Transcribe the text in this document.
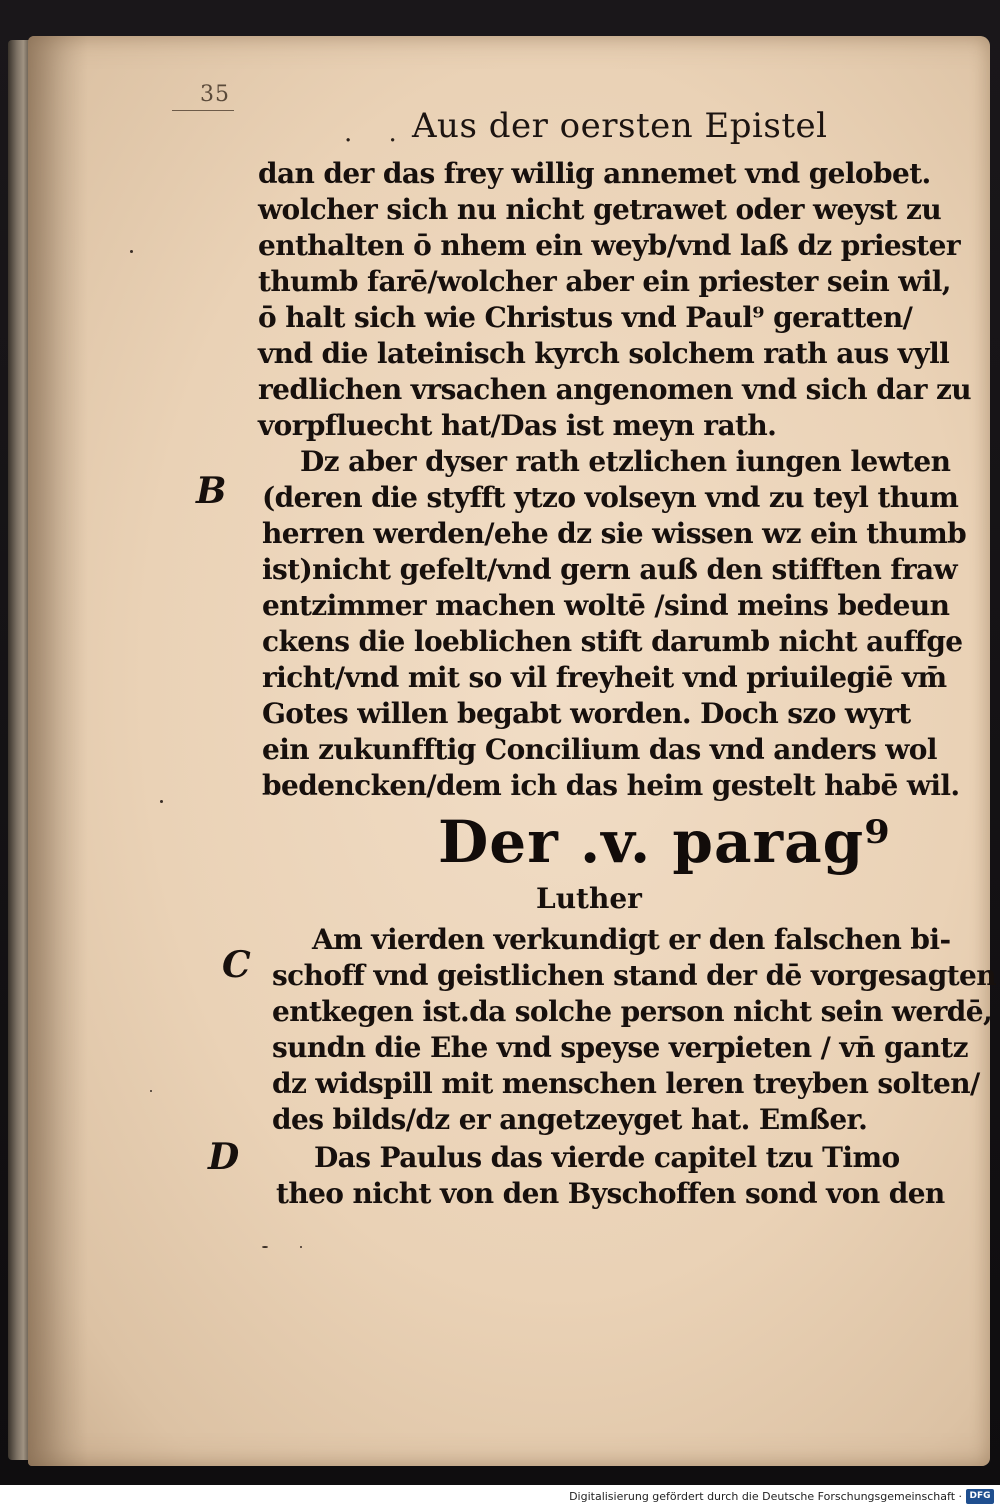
35
. . Aus der oersten Epistel
dan der das frey willig annemet vnd gelobet.
wolcher sich nu nicht getrawet oder weyst zu
enthalten ō nhem ein weyb/vnd laß dz priester
thumb farē/wolcher aber ein priester sein wil,
ō halt sich wie Christus vnd Paul⁹ geratten/
vnd die lateinisch kyrch solchem rath aus vyll
redlichen vrsachen angenomen vnd sich dar zu
vorpfluecht hat/Das ist meyn rath.
B
Dz aber dyser rath etzlichen iungen lewten
(deren die styfft ytzo volseyn vnd zu teyl thum
herren werden/ehe dz sie wissen wz ein thumb
ist)nicht gefelt/vnd gern auß den stifften fraw
entzimmer machen woltē /sind meins bedeun
ckens die loeblichen stift darumb nicht auffge
richt/vnd mit so vil freyheit vnd priuilegiē vm̄
Gotes willen begabt worden. Doch szo wyrt
ein zukunfftig Concilium das vnd anders wol
bedencken/dem ich das heim gestelt habē wil.
Der .v. parag⁹
Luther
C
Am vierden verkundigt er den falschen bi-
schoff vnd geistlichen stand der dē vorgesagten
entkegen ist.da solche person nicht sein werdē,
sundn die Ehe vnd speyse verpieten / vn̄ gantz
dz widspill mit menschen leren treyben solten/
des bilds/dz er angetzeyget hat. Emßer.
D	Das Paulus das vierde capitel tzu Timo
theo nicht von den Byschoffen sond von den
Digitalisierung gefördert durch die Deutsche Forschungsgemeinschaft · DFG
